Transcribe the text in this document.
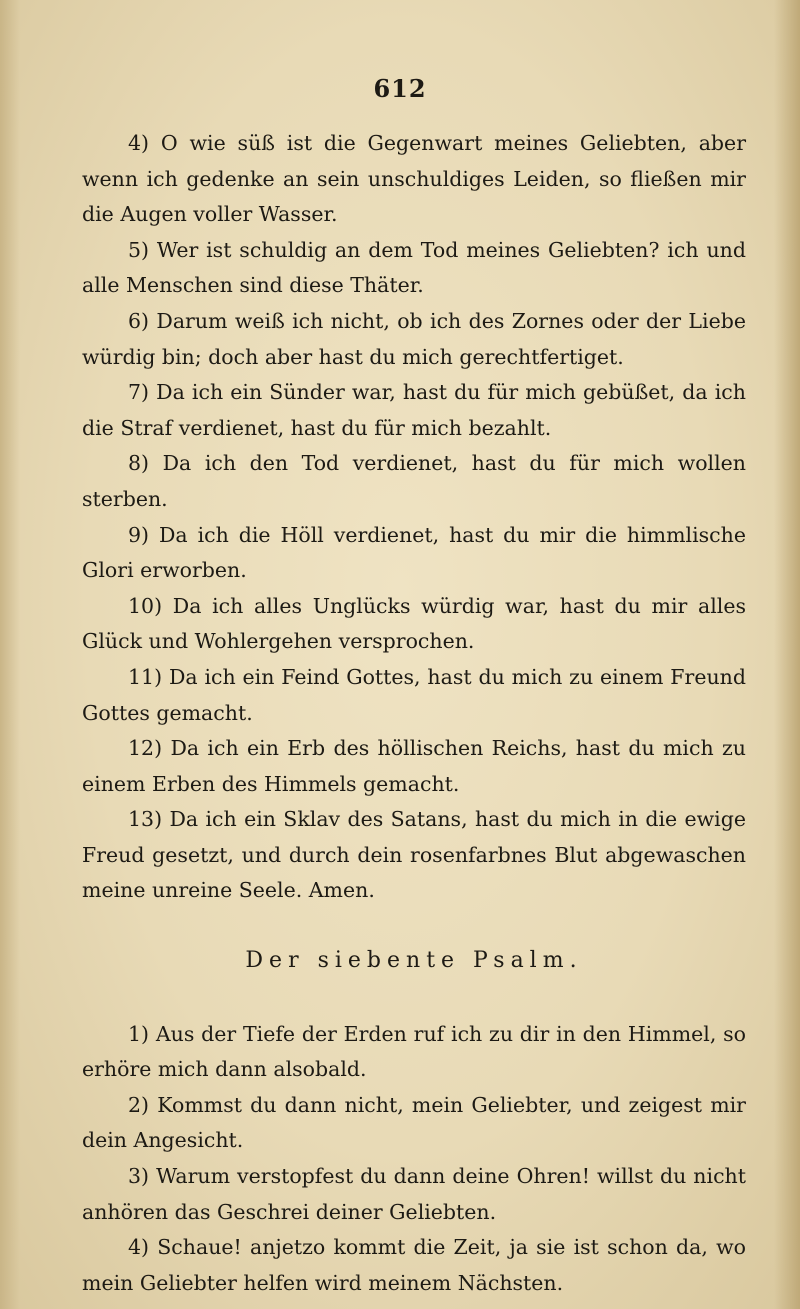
612

4) O wie süß ist die Gegenwart meines Geliebten, aber wenn ich gedenke an sein unschuldiges Leiden, so fließen mir die Augen voller Wasser.

5) Wer ist schuldig an dem Tod meines Geliebten? ich und alle Menschen sind diese Thäter.

6) Darum weiß ich nicht, ob ich des Zornes oder der Liebe würdig bin; doch aber hast du mich gerechtfertiget.

7) Da ich ein Sünder war, hast du für mich gebüßet, da ich die Straf verdienet, hast du für mich bezahlt.

8) Da ich den Tod verdienet, hast du für mich wollen sterben.

9) Da ich die Höll verdienet, hast du mir die himmlische Glori erworben.

10) Da ich alles Unglücks würdig war, hast du mir alles Glück und Wohlergehen versprochen.

11) Da ich ein Feind Gottes, hast du mich zu einem Freund Gottes gemacht.

12) Da ich ein Erb des höllischen Reichs, hast du mich zu einem Erben des Himmels gemacht.

13) Da ich ein Sklav des Satans, hast du mich in die ewige Freud gesetzt, und durch dein rosenfarbnes Blut abgewaschen meine unreine Seele. Amen.

Der siebente Psalm.

1) Aus der Tiefe der Erden ruf ich zu dir in den Himmel, so erhöre mich dann alsobald.

2) Kommst du dann nicht, mein Geliebter, und zeigest mir dein Angesicht.

3) Warum verstopfest du dann deine Ohren! willst du nicht anhören das Geschrei deiner Geliebten.

4) Schaue! anjetzo kommt die Zeit, ja sie ist schon da, wo mein Geliebter helfen wird meinem Nächsten.
